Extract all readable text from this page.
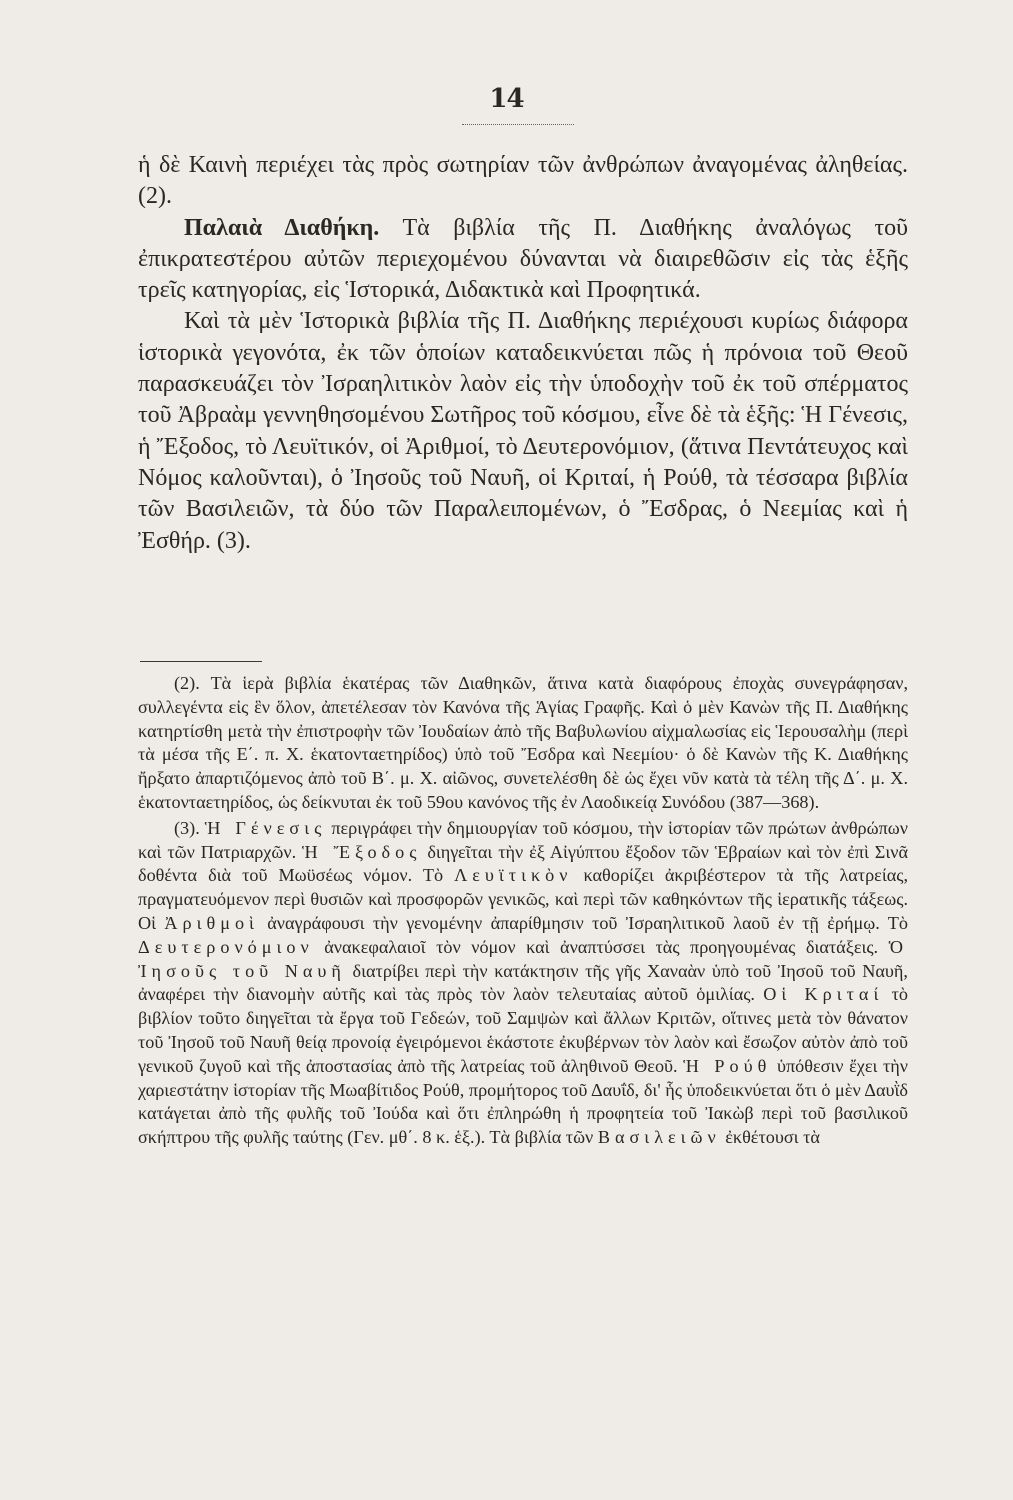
14

ἡ δὲ Καινὴ περιέχει τὰς πρὸς σωτηρίαν τῶν ἀνθρώπων ἀναγομένας ἀληθείας. (2).

Παλαιὰ Διαθήκη. Τὰ βιβλία τῆς Π. Διαθήκης ἀναλόγως τοῦ ἐπικρατεστέρου αὐτῶν περιεχομένου δύνανται νὰ διαιρεθῶσιν εἰς τὰς ἑξῆς τρεῖς κατηγορίας, εἰς Ἱστορικά, Διδακτικὰ καὶ Προφητικά.

Καὶ τὰ μὲν Ἱστορικὰ βιβλία τῆς Π. Διαθήκης περιέχουσι κυρίως διάφορα ἱστορικὰ γεγονότα, ἐκ τῶν ὁποίων καταδεικνύεται πῶς ἡ πρόνοια τοῦ Θεοῦ παρασκευάζει τὸν Ἰσραηλιτικὸν λαὸν εἰς τὴν ὑποδοχὴν τοῦ ἐκ τοῦ σπέρματος τοῦ Ἀβραὰμ γεννηθησομένου Σωτῆρος τοῦ κόσμου, εἶνε δὲ τὰ ἑξῆς: Ἡ Γένεσις, ἡ Ἔξοδος, τὸ Λευϊτικόν, οἱ Ἀριθμοί, τὸ Δευτερονόμιον, (ἅτινα Πεντάτευχος καὶ Νόμος καλοῦνται), ὁ Ἰησοῦς τοῦ Ναυῆ, οἱ Κριταί, ἡ Ρούθ, τὰ τέσσαρα βιβλία τῶν Βασιλειῶν, τὰ δύο τῶν Παραλειπομένων, ὁ Ἔσδρας, ὁ Νεεμίας καὶ ἡ Ἐσθήρ. (3).

(2). Τὰ ἱερὰ βιβλία ἑκατέρας τῶν Διαθηκῶν, ἅτινα κατὰ διαφόρους ἐποχὰς συνεγράφησαν, συλλεγέντα εἰς ἓν ὅλον, ἀπετέλεσαν τὸν Κανόνα τῆς Ἁγίας Γραφῆς. Καὶ ὁ μὲν Κανὼν τῆς Π. Διαθήκης κατηρτίσθη μετὰ τὴν ἐπιστροφὴν τῶν Ἰουδαίων ἀπὸ τῆς Βαβυλωνίου αἰχμαλωσίας εἰς Ἱερουσαλὴμ (περὶ τὰ μέσα τῆς Ε΄. π. Χ. ἑκατονταετηρίδος) ὑπὸ τοῦ Ἔσδρα καὶ Νεεμίου· ὁ δὲ Κανὼν τῆς Κ. Διαθήκης ἤρξατο ἀπαρτιζόμενος ἀπὸ τοῦ Β΄. μ. Χ. αἰῶνος, συνετελέσθη δὲ ὡς ἔχει νῦν κατὰ τὰ τέλη τῆς Δ΄. μ. Χ. ἑκατονταετηρίδος, ὡς δείκνυται ἐκ τοῦ 59ου κανόνος τῆς ἐν Λαοδικείᾳ Συνόδου (387—368).

(3). Ἡ Γένεσις περιγράφει τὴν δημιουργίαν τοῦ κόσμου, τὴν ἱστορίαν τῶν πρώτων ἀνθρώπων καὶ τῶν Πατριαρχῶν. Ἡ Ἔξοδος διηγεῖται τὴν ἐξ Αἰγύπτου ἔξοδον τῶν Ἑβραίων καὶ τὸν ἐπὶ Σινᾶ δοθέντα διὰ τοῦ Μωϋσέως νόμον. Τὸ Λευϊτικὸν καθορίζει ἀκριβέστερον τὰ τῆς λατρείας, πραγματευόμενον περὶ θυσιῶν καὶ προσφορῶν γενικῶς, καὶ περὶ τῶν καθηκόντων τῆς ἱερατικῆς τάξεως. Οἱ Ἀριθμοὶ ἀναγράφουσι τὴν γενομένην ἀπαρίθμησιν τοῦ Ἰσραηλιτικοῦ λαοῦ ἐν τῇ ἐρήμῳ. Τὸ Δευτερονόμιον ἀνακεφαλαιοῖ τὸν νόμον καὶ ἀναπτύσσει τὰς προηγουμένας διατάξεις. Ὁ Ἰησοῦς τοῦ Ναυῆ διατρίβει περὶ τὴν κατάκτησιν τῆς γῆς Χαναὰν ὑπὸ τοῦ Ἰησοῦ τοῦ Ναυῆ, ἀναφέρει τὴν διανομὴν αὐτῆς καὶ τὰς πρὸς τὸν λαὸν τελευταίας αὐτοῦ ὁμιλίας. Οἱ Κριταί τὸ βιβλίον τοῦτο διηγεῖται τὰ ἔργα τοῦ Γεδεών, τοῦ Σαμψὼν καὶ ἄλλων Κριτῶν, οἵτινες μετὰ τὸν θάνατον τοῦ Ἰησοῦ τοῦ Ναυῆ θείᾳ προνοίᾳ ἐγειρόμενοι ἑκάστοτε ἐκυβέρνων τὸν λαὸν καὶ ἔσωζον αὐτὸν ἀπὸ τοῦ γενικοῦ ζυγοῦ καὶ τῆς ἀποστασίας ἀπὸ τῆς λατρείας τοῦ ἀληθινοῦ Θεοῦ. Ἡ Ρούθ ὑπόθεσιν ἔχει τὴν χαριεστάτην ἱστορίαν τῆς Μωαβίτιδος Ρούθ, προμήτορος τοῦ Δαυΐδ, δι' ἧς ὑποδεικνύεται ὅτι ὁ μὲν Δαυῒδ κατάγεται ἀπὸ τῆς φυλῆς τοῦ Ἰούδα καὶ ὅτι ἐπληρώθη ἡ προφητεία τοῦ Ἰακὼβ περὶ τοῦ βασιλικοῦ σκήπτρου τῆς φυλῆς ταύτης (Γεν. μθ΄. 8 κ. ἑξ.). Τὰ βιβλία τῶν Βασιλειῶν ἐκθέτουσι τὰ
